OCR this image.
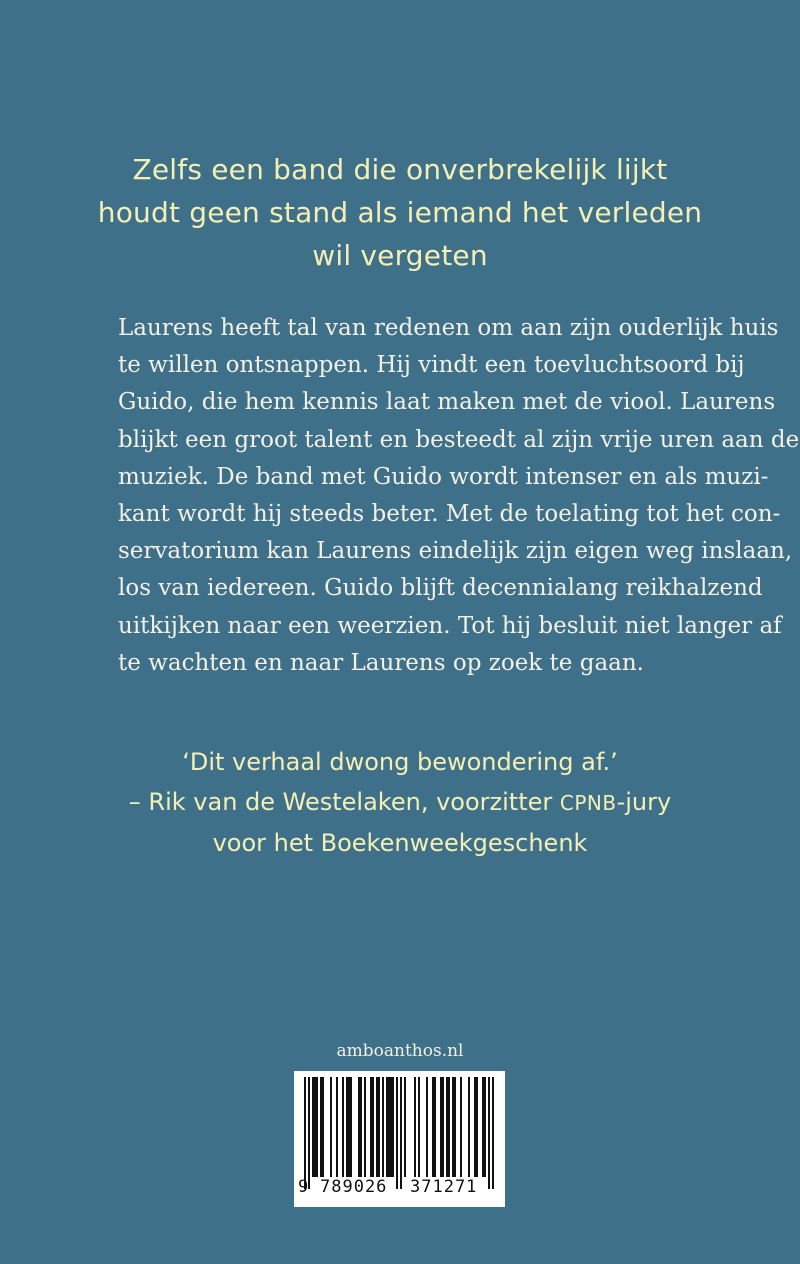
Zelfs een band die onverbrekelijk lijkt
houdt geen stand als iemand het verleden
wil vergeten
Laurens heeft tal van redenen om aan zijn ouderlijk huis
te willen ontsnappen. Hij vindt een toevluchtsoord bij
Guido, die hem kennis laat maken met de viool. Laurens
blijkt een groot talent en besteedt al zijn vrije uren aan de
muziek. De band met Guido wordt intenser en als muzi-
kant wordt hij steeds beter. Met de toelating tot het con-
servatorium kan Laurens eindelijk zijn eigen weg inslaan,
los van iedereen. Guido blijft decennialang reikhalzend
uitkijken naar een weerzien. Tot hij besluit niet langer af
te wachten en naar Laurens op zoek te gaan.
‘Dit verhaal dwong bewondering af.’
– Rik van de Westelaken, voorzitter CPNB-jury
voor het Boekenweekgeschenk
amboanthos.nl
9 789026 371271
